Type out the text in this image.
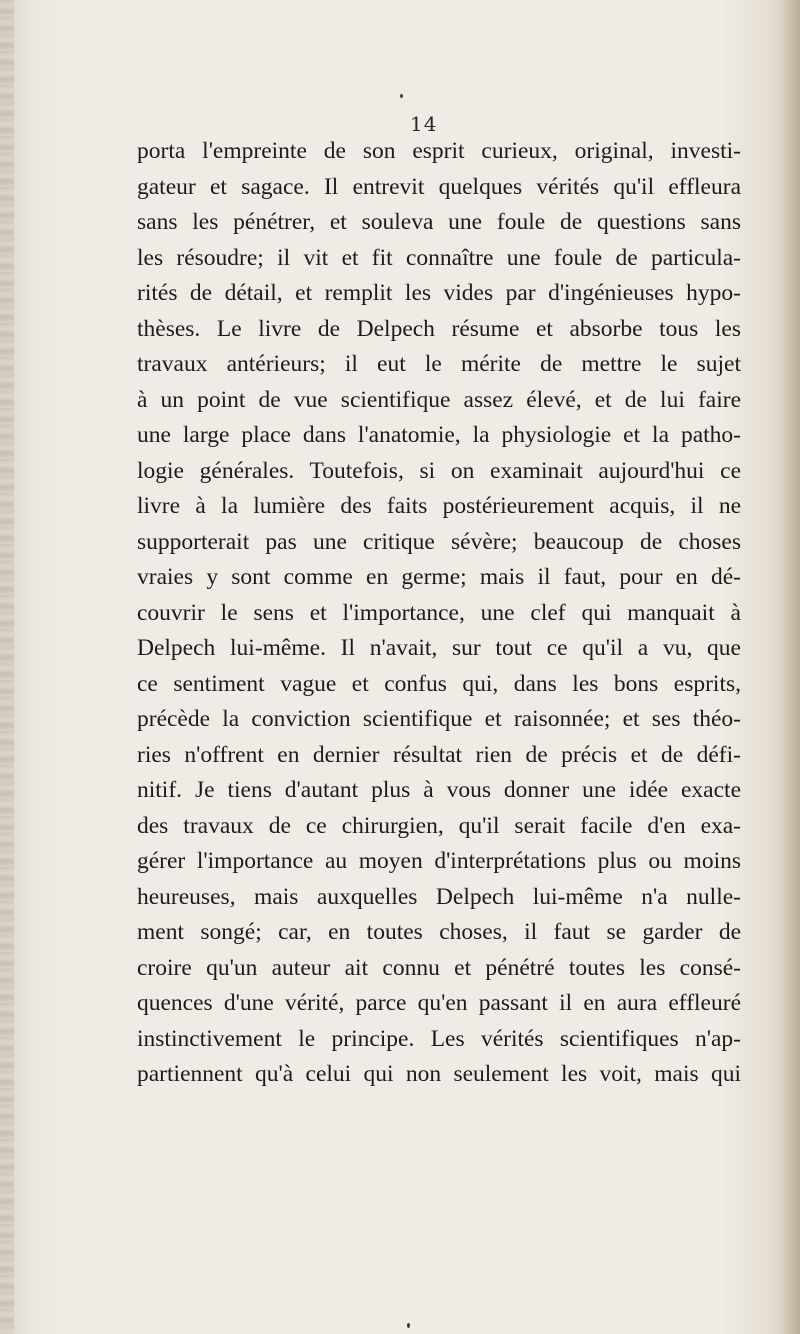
14
porta l'empreinte de son esprit curieux, original, investi-
gateur et sagace. Il entrevit quelques vérités qu'il effleura
sans les pénétrer, et souleva une foule de questions sans
les résoudre; il vit et fit connaître une foule de particula-
rités de détail, et remplit les vides par d'ingénieuses hypo-
thèses. Le livre de Delpech résume et absorbe tous les
travaux antérieurs; il eut le mérite de mettre le sujet
à un point de vue scientifique assez élevé, et de lui faire
une large place dans l'anatomie, la physiologie et la patho-
logie générales. Toutefois, si on examinait aujourd'hui ce
livre à la lumière des faits postérieurement acquis, il ne
supporterait pas une critique sévère; beaucoup de choses
vraies y sont comme en germe; mais il faut, pour en dé-
couvrir le sens et l'importance, une clef qui manquait à
Delpech lui-même. Il n'avait, sur tout ce qu'il a vu, que
ce sentiment vague et confus qui, dans les bons esprits,
précède la conviction scientifique et raisonnée; et ses théo-
ries n'offrent en dernier résultat rien de précis et de défi-
nitif. Je tiens d'autant plus à vous donner une idée exacte
des travaux de ce chirurgien, qu'il serait facile d'en exa-
gérer l'importance au moyen d'interprétations plus ou moins
heureuses, mais auxquelles Delpech lui-même n'a nulle-
ment songé; car, en toutes choses, il faut se garder de
croire qu'un auteur ait connu et pénétré toutes les consé-
quences d'une vérité, parce qu'en passant il en aura effleuré
instinctivement le principe. Les vérités scientifiques n'ap-
partiennent qu'à celui qui non seulement les voit, mais qui
